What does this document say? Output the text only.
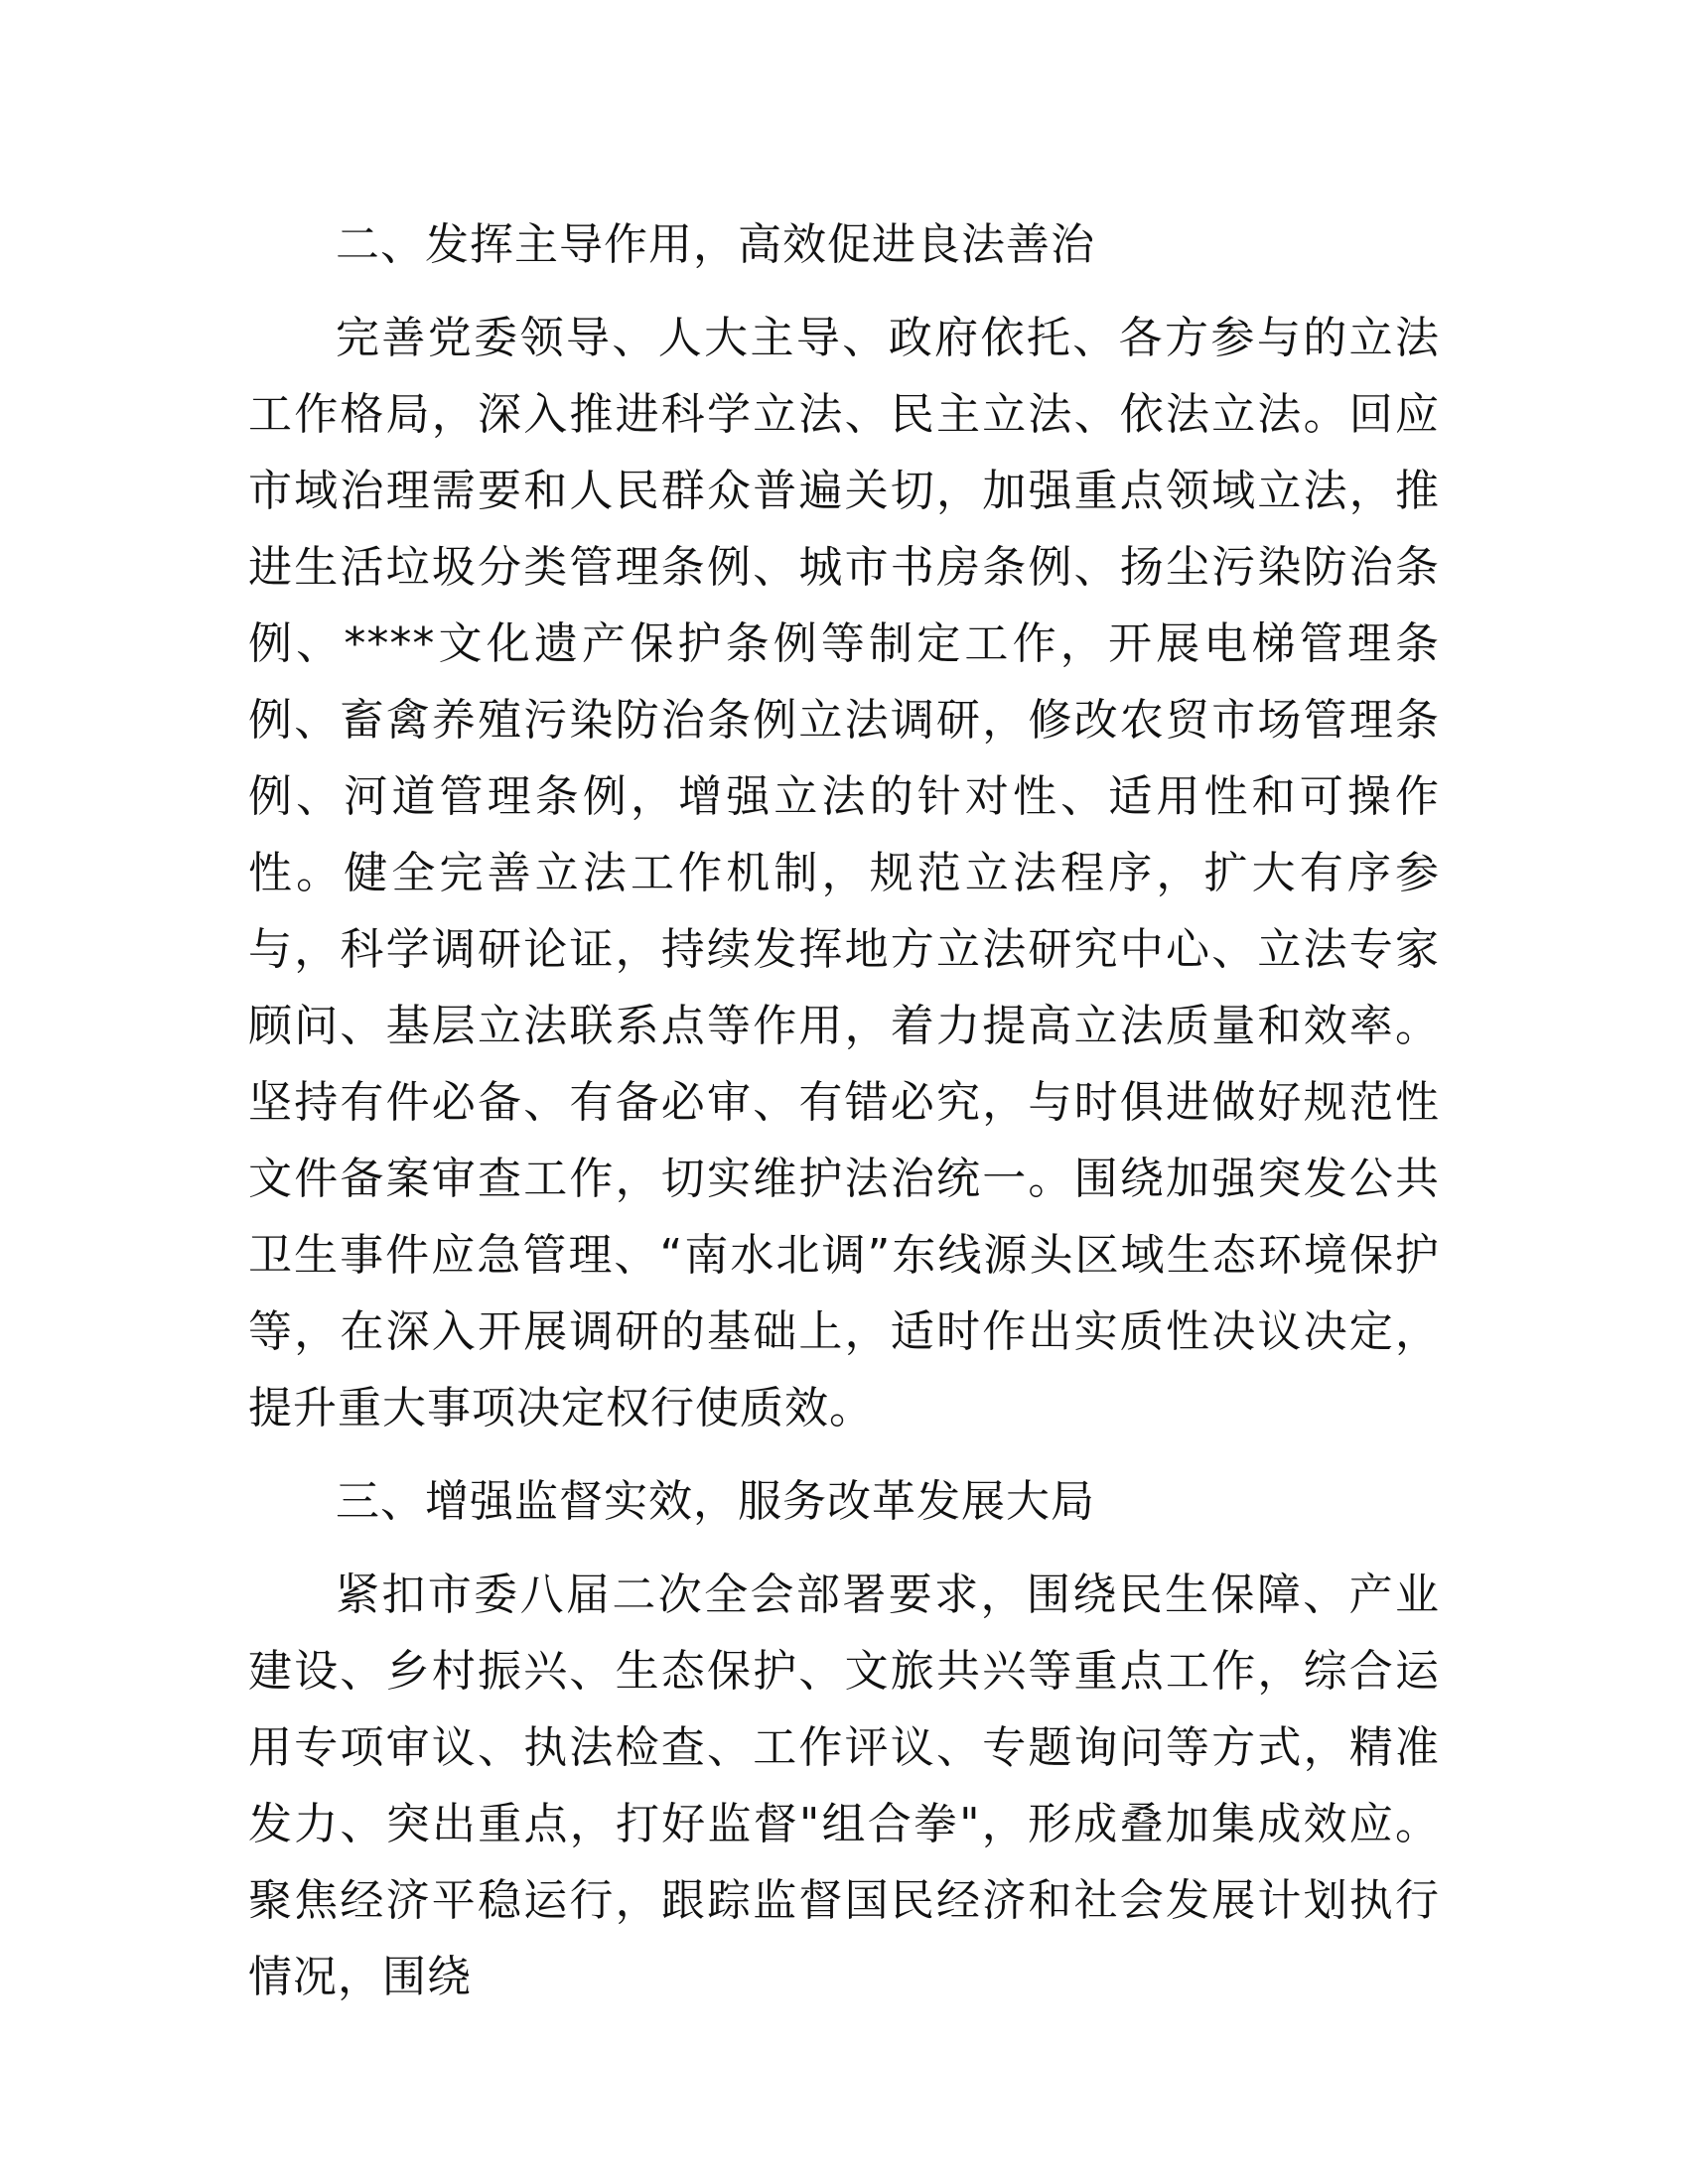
二、发挥主导作用，高效促进良法善治

完善党委领导、人大主导、政府依托、各方参与的立法工作格局，深入推进科学立法、民主立法、依法立法。回应市域治理需要和人民群众普遍关切，加强重点领域立法，推进生活垃圾分类管理条例、城市书房条例、扬尘污染防治条例、****文化遗产保护条例等制定工作，开展电梯管理条例、畜禽养殖污染防治条例立法调研，修改农贸市场管理条例、河道管理条例，增强立法的针对性、适用性和可操作性。健全完善立法工作机制，规范立法程序，扩大有序参与，科学调研论证，持续发挥地方立法研究中心、立法专家顾问、基层立法联系点等作用，着力提高立法质量和效率。坚持有件必备、有备必审、有错必究，与时俱进做好规范性文件备案审查工作，切实维护法治统一。围绕加强突发公共卫生事件应急管理、“南水北调”东线源头区域生态环境保护等，在深入开展调研的基础上，适时作出实质性决议决定，提升重大事项决定权行使质效。

三、增强监督实效，服务改革发展大局

紧扣市委八届二次全会部署要求，围绕民生保障、产业建设、乡村振兴、生态保护、文旅共兴等重点工作，综合运用专项审议、执法检查、工作评议、专题询问等方式，精准发力、突出重点，打好监督"组合拳"，形成叠加集成效应。聚焦经济平稳运行，跟踪监督国民经济和社会发展计划执行情况，围绕
